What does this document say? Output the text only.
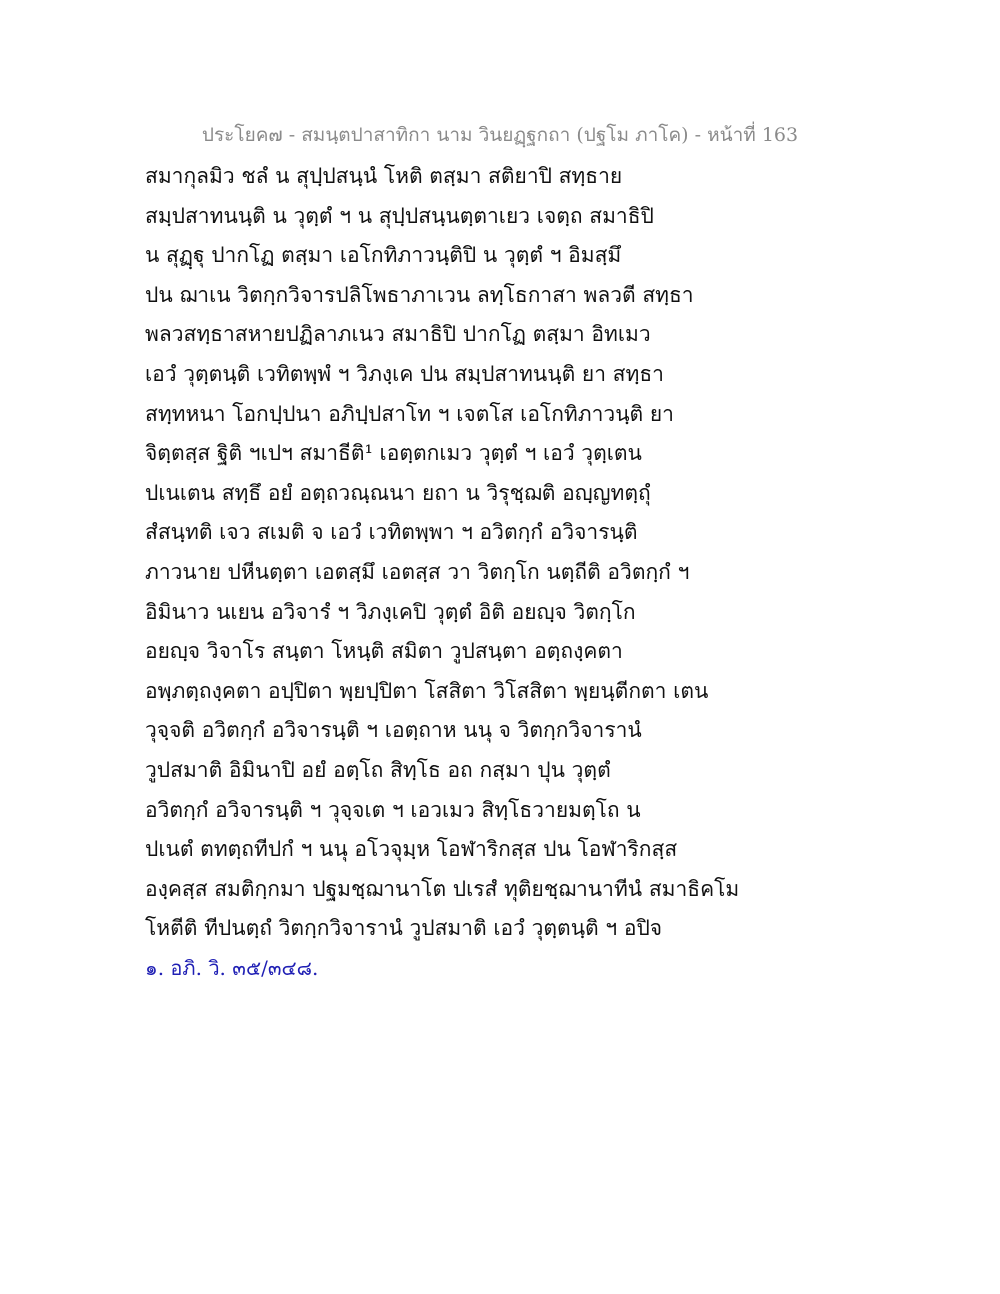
ประโยค๗ - สมนฺตปาสาทิกา นาม วินยฏฺฐกถา (ปฐโม ภาโค) - หน้าที่ 163
สมากุลมิว ชลํ น สุปฺปสนฺนํ โหติ ตสฺมา สติยาปิ สทฺธาย
สมฺปสาทนนฺติ น วุตฺตํ ฯ น สุปฺปสนฺนตฺตาเยว เจตฺถ สมาธิปิ
น สุฏฺฐุ ปากโฏ ตสฺมา เอโกทิภาวนฺติปิ น วุตฺตํ ฯ อิมสฺมึ
ปน ฌาเน วิตกฺกวิจารปลิโพธาภาเวน ลทฺโธกาสา พลวตี สทฺธา
พลวสทฺธาสหายปฏิลาภเนว สมาธิปิ ปากโฏ ตสฺมา อิทเมว
เอวํ วุตฺตนฺติ เวทิตพฺพํ ฯ วิภงฺเค ปน สมฺปสาทนนฺติ ยา สทฺธา
สทฺทหนา โอกปฺปนา อภิปฺปสาโท ฯ เจตโส เอโกทิภาวนฺติ ยา
จิตฺตสฺส ฐิติ ฯเปฯ สมาธีติ¹ เอตฺตกเมว วุตฺตํ ฯ เอวํ วุตฺเตน
ปเนเตน สทฺธึ อยํ อตฺถวณฺณนา ยถา น วิรุชฺฌติ อญฺญทตฺถุํ
สํสนฺทติ เจว สเมติ จ เอวํ เวทิตพฺพา ฯ อวิตกฺกํ อวิจารนฺติ
ภาวนาย ปหีนตฺตา เอตสฺมึ เอตสฺส วา วิตกฺโก นตฺถีติ อวิตกฺกํ ฯ
อิมินาว นเยน อวิจารํ ฯ วิภงฺเคปิ วุตฺตํ อิติ อยญฺจ วิตกฺโก
อยญฺจ วิจาโร สนฺตา โหนฺติ สมิตา วูปสนฺตา อตฺถงฺคตา
อพฺภตฺถงฺคตา อปฺปิตา พฺยปฺปิตา โสสิตา วิโสสิตา พฺยนฺตีกตา เตน
วุจฺจติ อวิตกฺกํ อวิจารนฺติ ฯ เอตฺถาห นนุ จ วิตกฺกวิจารานํ
วูปสมาติ อิมินาปิ อยํ อตฺโถ สิทฺโธ อถ กสฺมา ปุน วุตฺตํ
อวิตกฺกํ อวิจารนฺติ ฯ วุจฺจเต ฯ เอวเมว สิทฺโธวายมตฺโถ น
ปเนตํ ตทตฺถทีปกํ ฯ นนุ อโวจุมฺห โอฬาริกสฺส ปน โอฬาริกสฺส
องฺคสฺส สมติกฺกมา ปฐมชฺฌานาโต ปเรสํ ทุติยชฺฌานาทีนํ สมาธิคโม
โหตีติ ทีปนตฺถํ วิตกฺกวิจารานํ วูปสมาติ เอวํ วุตฺตนฺติ ฯ อปิจ
๑. อภิ. วิ. ๓๕/๓๔๘.
